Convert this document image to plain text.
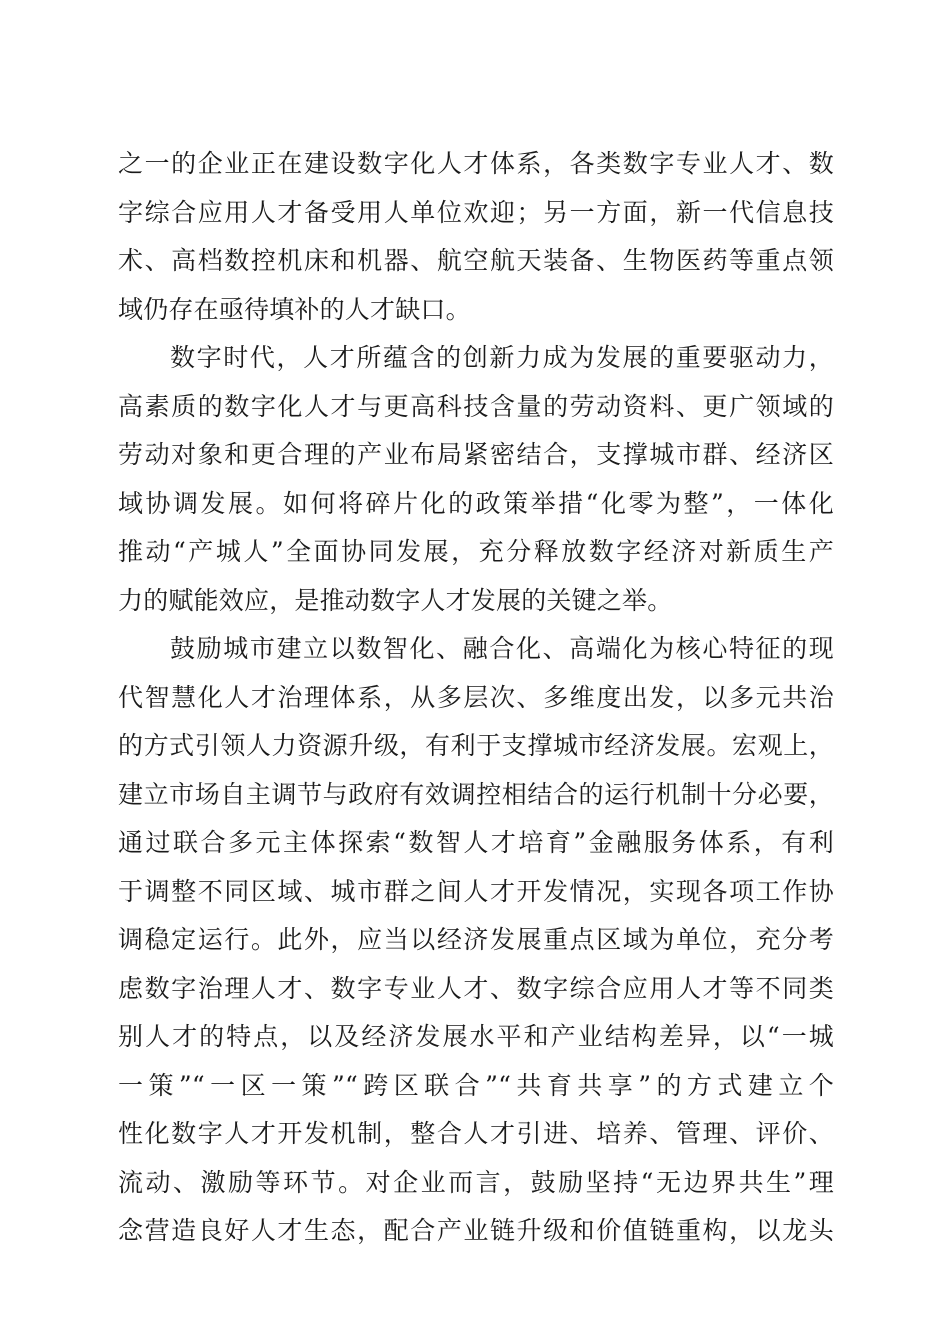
之一的企业正在建设数字化人才体系，各类数字专业人才、数
字综合应用人才备受用人单位欢迎；另一方面，新一代信息技
术、高档数控机床和机器、航空航天装备、生物医药等重点领
域仍存在亟待填补的人才缺口。
数字时代，人才所蕴含的创新力成为发展的重要驱动力，
高素质的数字化人才与更高科技含量的劳动资料、更广领域的
劳动对象和更合理的产业布局紧密结合，支撑城市群、经济区
域协调发展。如何将碎片化的政策举措“化零为整”，一体化
推动“产城人”全面协同发展，充分释放数字经济对新质生产
力的赋能效应，是推动数字人才发展的关键之举。
鼓励城市建立以数智化、融合化、高端化为核心特征的现
代智慧化人才治理体系，从多层次、多维度出发，以多元共治
的方式引领人力资源升级，有利于支撑城市经济发展。宏观上，
建立市场自主调节与政府有效调控相结合的运行机制十分必要，
通过联合多元主体探索“数智人才培育”金融服务体系，有利
于调整不同区域、城市群之间人才开发情况，实现各项工作协
调稳定运行。此外，应当以经济发展重点区域为单位，充分考
虑数字治理人才、数字专业人才、数字综合应用人才等不同类
别人才的特点，以及经济发展水平和产业结构差异，以“一城
一策”“一区一策”“跨区联合”“共育共享”的方式建立个
性化数字人才开发机制，整合人才引进、培养、管理、评价、
流动、激励等环节。对企业而言，鼓励坚持“无边界共生”理
念营造良好人才生态，配合产业链升级和价值链重构，以龙头
